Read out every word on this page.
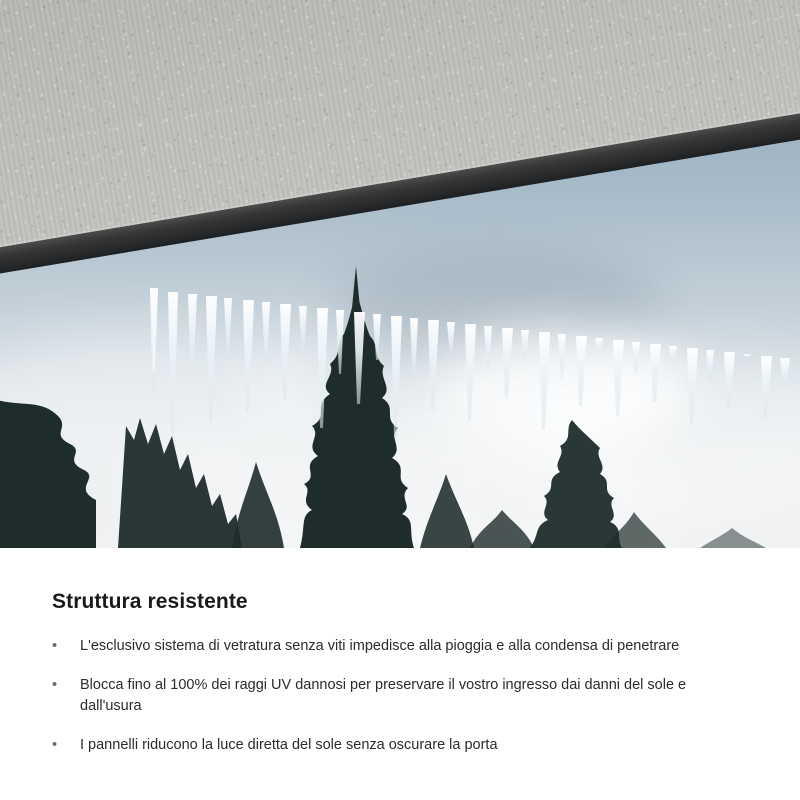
Struttura resistente
• L'esclusivo sistema di vetratura senza viti impedisce alla pioggia e alla condensa di penetrare
• Blocca fino al 100% dei raggi UV dannosi per preservare il vostro ingresso dai danni del sole e dall'usura
• I pannelli riducono la luce diretta del sole senza oscurare la porta
